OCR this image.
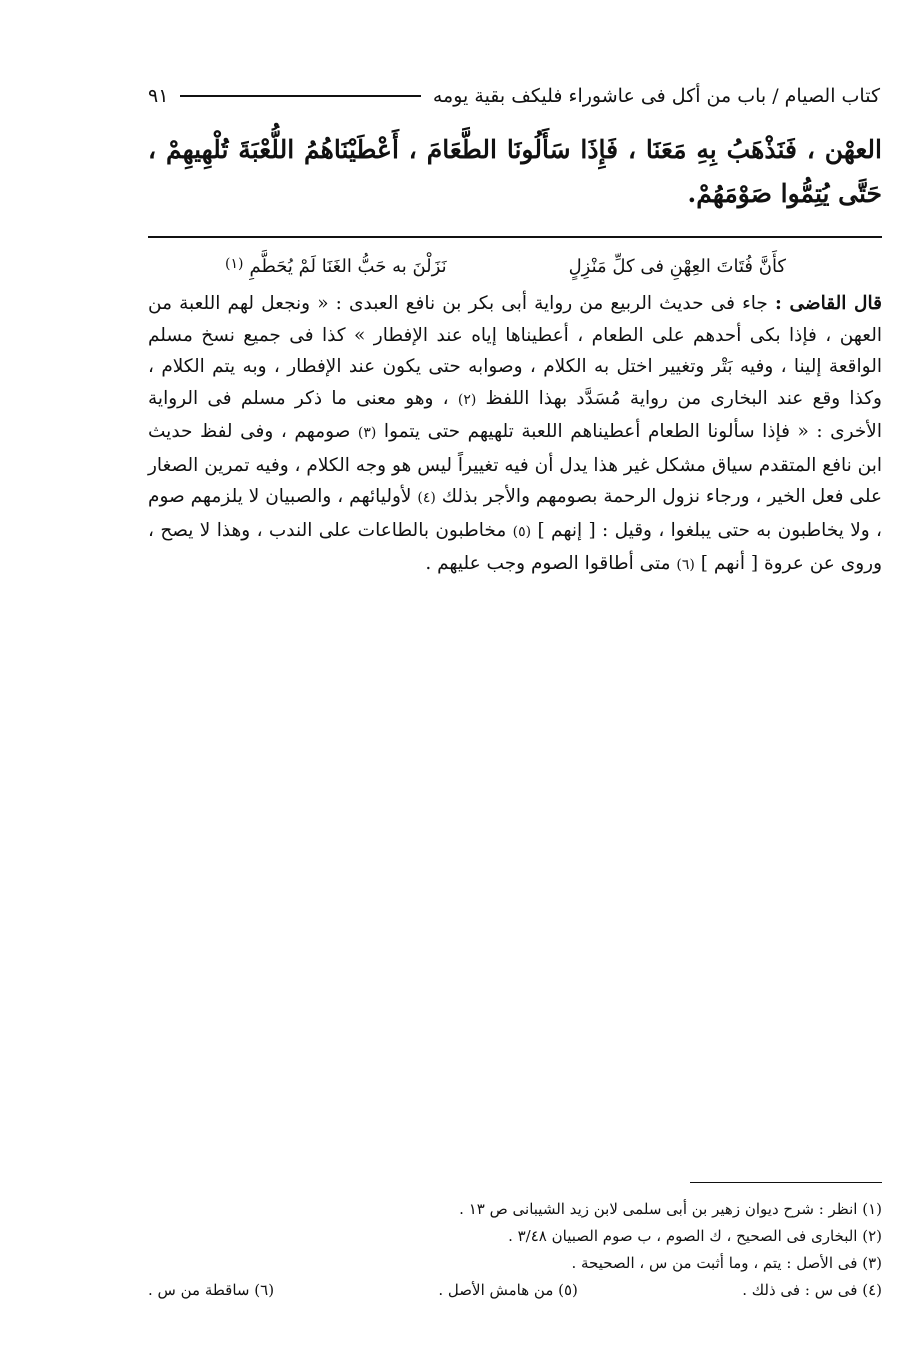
كتاب الصيام / باب من أكل فى عاشوراء فليكف بقية يومه
٩١
العهْن ، فَنَذْهَبُ بِهِ مَعَنَا ، فَإِذَا سَأَلُونَا الطَّعَامَ ، أَعْطَيْنَاهُمُ اللُّعْبَةَ تُلْهِيهِمْ ، حَتَّى يُتِمُّوا صَوْمَهُمْ.
كأَنَّ فُتَاتَ العِهْنِ فى كلِّ مَنْزِلٍ
نَزَلْنَ به حَبُّ الغَنَا لَمْ يُحَطَّمِ
(١)
قال القاضى : جاء فى حديث الربيع من رواية أبى بكر بن نافع العبدى : « ونجعل لهم اللعبة من العهن ، فإذا بكى أحدهم على الطعام ، أعطيناها إياه عند الإفطار » كذا فى جميع نسخ مسلم الواقعة إلينا ، وفيه بَتْر وتغيير اختل به الكلام ، وصوابه حتى يكون عند الإفطار ، وبه يتم الكلام ، وكذا وقع عند البخارى من رواية مُسَدَّد بهذا اللفظ (٢) ، وهو معنى ما ذكر مسلم فى الرواية الأخرى : « فإذا سألونا الطعام أعطيناهم اللعبة تلهيهم حتى يتموا (٣) صومهم ، وفى لفظ حديث ابن نافع المتقدم سياق مشكل غير هذا يدل أن فيه تغييراً ليس هو وجه الكلام ، وفيه تمرين الصغار على فعل الخير ، ورجاء نزول الرحمة بصومهم والأجر بذلك (٤) لأوليائهم ، والصبيان لا يلزمهم صوم ، ولا يخاطبون به حتى يبلغوا ، وقيل : [ إنهم ] (٥) مخاطبون بالطاعات على الندب ، وهذا لا يصح ، وروى عن عروة [ أنهم ] (٦) متى أطاقوا الصوم وجب عليهم .
(١) انظر : شرح ديوان زهير بن أبى سلمى لابن زيد الشيبانى ص ١٣ .
(٢) البخارى فى الصحيح ، ك الصوم ، ب صوم الصبيان ٣/٤٨ .
(٣) فى الأصل : يتم ، وما أثبت من س ، الصحيحة .
(٤) فى س : فى ذلك .
(٥) من هامش الأصل .
(٦) ساقطة من س .
